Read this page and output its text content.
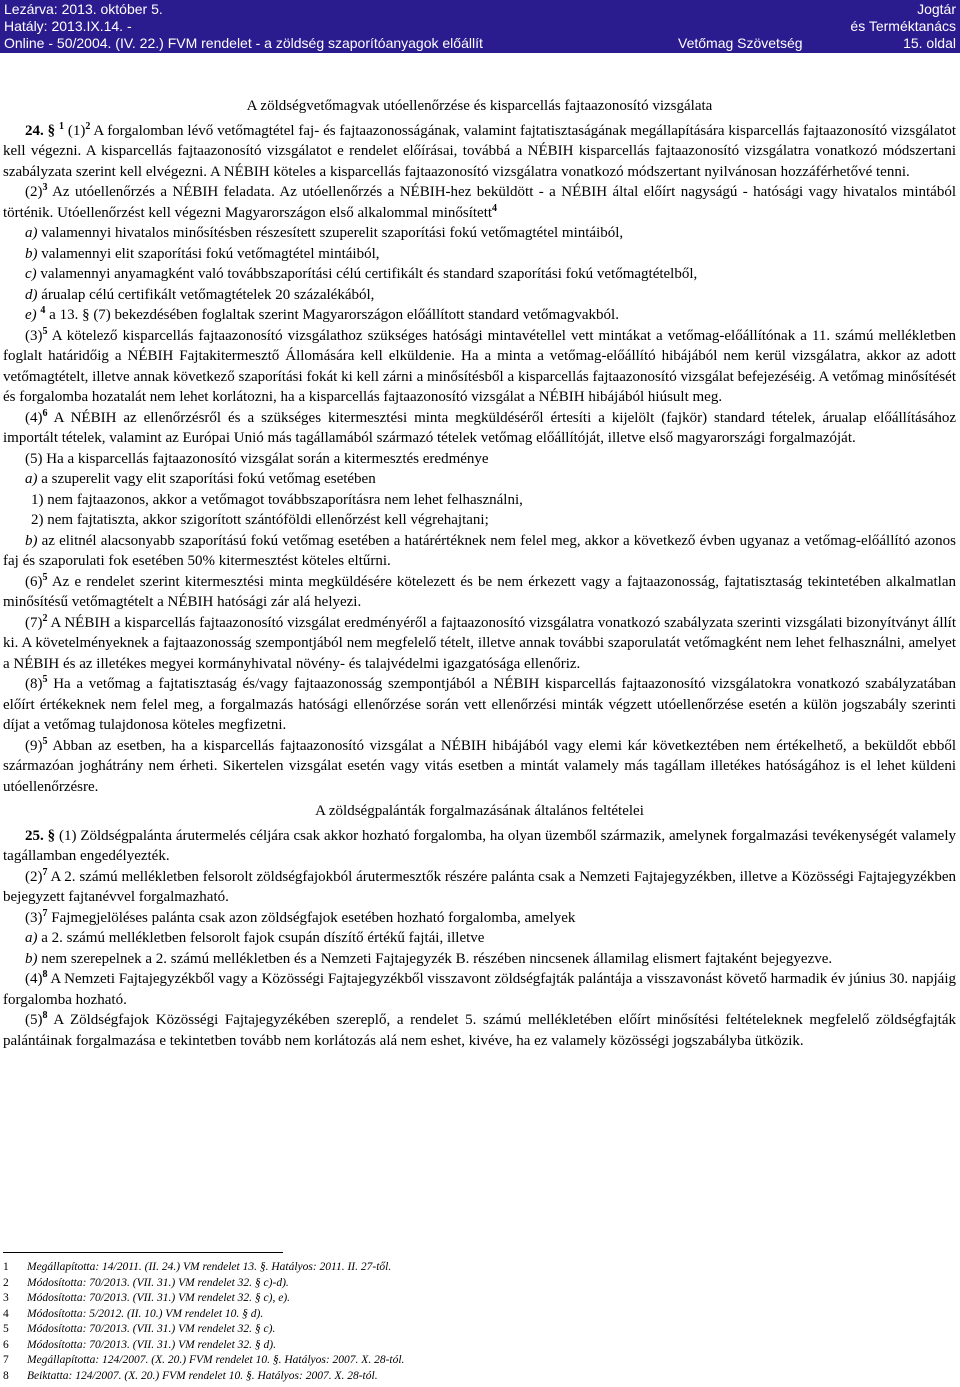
Lezárva: 2013. október 5.
Hatály: 2013.IX.14. -
Online - 50/2004. (IV. 22.) FVM rendelet - a zöldség szaporítóanyagok előállít	Vetőmag Szövetség
Jogtár
és Terméktanács
15. oldal

A zöldségvetőmagvak utóellenőrzése és kisparcellás fajtaazonosító vizsgálata

24. § $^1$ $(1)^2$ A forgalomban lévő vetőmagtétel faj- és fajtaazonosságának, valamint fajtatisztaságának megállapítására kisparcellás fajtaazonosító vizsgálatot kell végezni. A kisparcellás fajtaazonosító vizsgálatot e rendelet előírásai, továbbá a NÉBIH kisparcellás fajtaazonosító vizsgálatra vonatkozó módszertani szabályzata szerint kell elvégezni. A NÉBIH köteles a kisparcellás fajtaazonosító vizsgálatra vonatkozó módszertant nyilvánosan hozzáférhetővé tenni.

$(2)^3$ Az utóellenőrzés a NÉBIH feladata. Az utóellenőrzés a NÉBIH-hez beküldött - a NÉBIH által előírt nagyságú - hatósági vagy hivatalos mintából történik. Utóellenőrzést kell végezni Magyarországon első alkalommal minősített$^4$

a) valamennyi hivatalos minősítésben részesített szuperelit szaporítási fokú vetőmagtétel mintáiból,

b) valamennyi elit szaporítási fokú vetőmagtétel mintáiból,

c) valamennyi anyamagként való továbbszaporítási célú certifikált és standard szaporítási fokú vetőmagtételből,

d) árualap célú certifikált vetőmagtételek 20 százalékából,

e) $^4$ a 13. § (7) bekezdésében foglaltak szerint Magyarországon előállított standard vetőmagvakból.

$(3)^5$ A kötelező kisparcellás fajtaazonosító vizsgálathoz szükséges hatósági mintavétellel vett mintákat a vetőmag-előállítónak a 11. számú mellékletben foglalt határidőig a NÉBIH Fajtakitermesztő Állomására kell elküldenie. Ha a minta a vetőmag-előállító hibájából nem kerül vizsgálatra, akkor az adott vetőmagtételt, illetve annak következő szaporítási fokát ki kell zárni a minősítésből a kisparcellás fajtaazonosító vizsgálat befejezéséig. A vetőmag minősítését és forgalomba hozatalát nem lehet korlátozni, ha a kisparcellás fajtaazonosító vizsgálat a NÉBIH hibájából hiúsult meg.

$(4)^6$ A NÉBIH az ellenőrzésről és a szükséges kitermesztési minta megküldéséről értesíti a kijelölt (fajkör) standard tételek, árualap előállításához importált tételek, valamint az Európai Unió más tagállamából származó tételek vetőmag előállítóját, illetve első magyarországi forgalmazóját.

(5) Ha a kisparcellás fajtaazonosító vizsgálat során a kitermesztés eredménye

a) a szuperelit vagy elit szaporítási fokú vetőmag esetében

1) nem fajtaazonos, akkor a vetőmagot továbbszaporításra nem lehet felhasználni,

2) nem fajtatiszta, akkor szigorított szántóföldi ellenőrzést kell végrehajtani;

b) az elitnél alacsonyabb szaporítású fokú vetőmag esetében a határértéknek nem felel meg, akkor a következő évben ugyanaz a vetőmag-előállító azonos faj és szaporulati fok esetében 50% kitermesztést köteles eltűrni.

$(6)^5$ Az e rendelet szerint kitermesztési minta megküldésére kötelezett és be nem érkezett vagy a fajtaazonosság, fajtatisztaság tekintetében alkalmatlan minősítésű vetőmagtételt a NÉBIH hatósági zár alá helyezi.

$(7)^2$ A NÉBIH a kisparcellás fajtaazonosító vizsgálat eredményéről a fajtaazonosító vizsgálatra vonatkozó szabályzata szerinti vizsgálati bizonyítványt állít ki. A követelményeknek a fajtaazonosság szempontjából nem megfelelő tételt, illetve annak további szaporulatát vetőmagként nem lehet felhasználni, amelyet a NÉBIH és az illetékes megyei kormányhivatal növény- és talajvédelmi igazgatósága ellenőriz.

$(8)^5$ Ha a vetőmag a fajtatisztaság és/vagy fajtaazonosság szempontjából a NÉBIH kisparcellás fajtaazonosító vizsgálatokra vonatkozó szabályzatában előírt értékeknek nem felel meg, a forgalmazás hatósági ellenőrzése során vett ellenőrzési minták végzett utóellenőrzése esetén a külön jogszabály szerinti díjat a vetőmag tulajdonosa köteles megfizetni.

$(9)^5$ Abban az esetben, ha a kisparcellás fajtaazonosító vizsgálat a NÉBIH hibájából vagy elemi kár következtében nem értékelhető, a beküldőt ebből származóan joghátrány nem érheti. Sikertelen vizsgálat esetén vagy vitás esetben a mintát valamely más tagállam illetékes hatóságához is el lehet küldeni utóellenőrzésre.

A zöldségpalánták forgalmazásának általános feltételei

25. § (1) Zöldségpalánta árutermelés céljára csak akkor hozható forgalomba, ha olyan üzemből származik, amelynek forgalmazási tevékenységét valamely tagállamban engedélyezték.

$(2)^7$ A 2. számú mellékletben felsorolt zöldségfajokból árutermesztők részére palánta csak a Nemzeti Fajtajegyzékben, illetve a Közösségi Fajtajegyzékben bejegyzett fajtanévvel forgalmazható.

$(3)^7$ Fajmegjelöléses palánta csak azon zöldségfajok esetében hozható forgalomba, amelyek

a) a 2. számú mellékletben felsorolt fajok csupán díszítő értékű fajtái, illetve

b) nem szerepelnek a 2. számú mellékletben és a Nemzeti Fajtajegyzék B. részében nincsenek államilag elismert fajtaként bejegyezve.

$(4)^8$ A Nemzeti Fajtajegyzékből vagy a Közösségi Fajtajegyzékből visszavont zöldségfajták palántája a visszavonást követő harmadik év június 30. napjáig forgalomba hozható.

$(5)^8$ A Zöldségfajok Közösségi Fajtajegyzékében szereplő, a rendelet 5. számú mellékletében előírt minősítési feltételeknek megfelelő zöldségfajták palántáinak forgalmazása e tekintetben tovább nem korlátozás alá nem eshet, kivéve, ha ez valamely közösségi jogszabályba ütközik.

1 Megállapította: 14/2011. (II. 24.) VM rendelet 13. §. Hatályos: 2011. II. 27-től.
2 Módosította: 70/2013. (VII. 31.) VM rendelet 32. § c)-d).
3 Módosította: 70/2013. (VII. 31.) VM rendelet 32. § c), e).
4 Módosította: 5/2012. (II. 10.) VM rendelet 10. § d).
5 Módosította: 70/2013. (VII. 31.) VM rendelet 32. § c).
6 Módosította: 70/2013. (VII. 31.) VM rendelet 32. § d).
7 Megállapította: 124/2007. (X. 20.) FVM rendelet 10. §. Hatályos: 2007. X. 28-tól.
8 Beiktatta: 124/2007. (X. 20.) FVM rendelet 10. §. Hatályos: 2007. X. 28-tól.
